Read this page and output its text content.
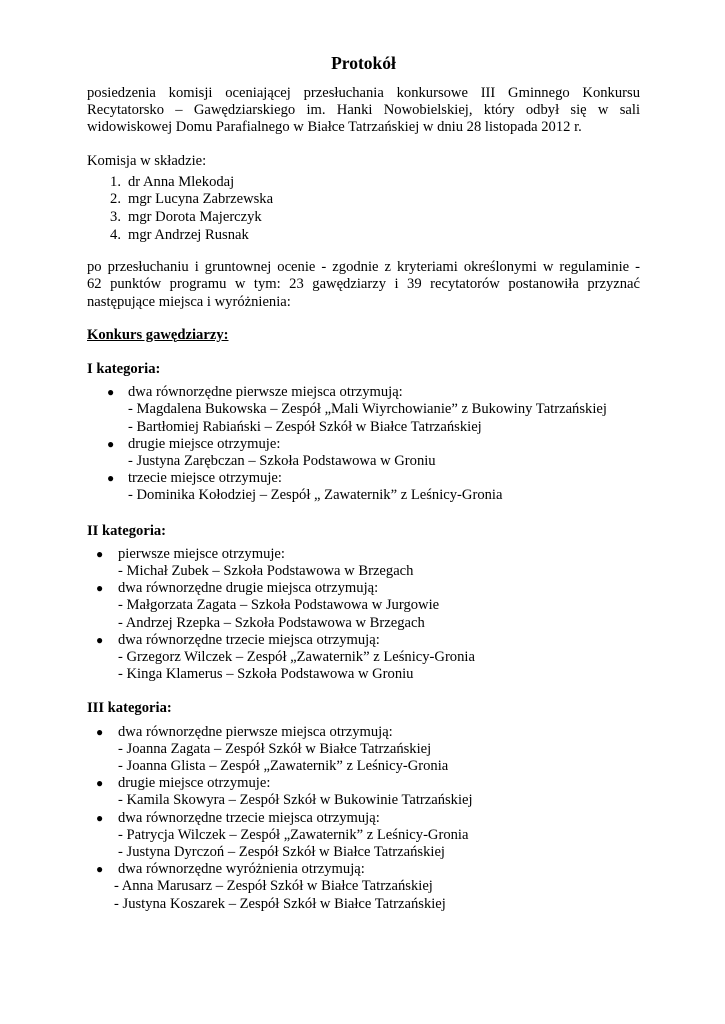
Protokół

posiedzenia komisji oceniającej przesłuchania konkursowe III Gminnego Konkursu
Recytatorsko – Gawędziarskiego im. Hanki Nowobielskiej, który odbył się w sali
widowiskowej Domu Parafialnego w Białce Tatrzańskiej w dniu 28 listopada 2012 r.

Komisja w składzie:

1. dr Anna Mlekodaj
2. mgr Lucyna Zabrzewska
3. mgr Dorota Majerczyk
4. mgr Andrzej Rusnak

po przesłuchaniu i gruntownej ocenie - zgodnie z kryteriami określonymi w regulaminie -
62 punktów programu w tym: 23 gawędziarzy i 39 recytatorów postanowiła przyznać
następujące miejsca i wyróżnienia:

Konkurs gawędziarzy:

I kategoria:

● dwa równorzędne pierwsze miejsca otrzymują:
- Magdalena Bukowska – Zespół „Mali Wiyrchowianie” z Bukowiny Tatrzańskiej
- Bartłomiej Rabiański – Zespół Szkół w Białce Tatrzańskiej
● drugie miejsce otrzymuje:
- Justyna Zarębczan – Szkoła Podstawowa w Groniu
● trzecie miejsce otrzymuje:
- Dominika Kołodziej – Zespół „ Zawaternik” z Leśnicy-Gronia

II kategoria:

● pierwsze miejsce otrzymuje:
- Michał Zubek – Szkoła Podstawowa w Brzegach
● dwa równorzędne drugie miejsca otrzymują:
- Małgorzata Zagata – Szkoła Podstawowa w Jurgowie
- Andrzej Rzepka – Szkoła Podstawowa w Brzegach
● dwa równorzędne trzecie miejsca otrzymują:
- Grzegorz Wilczek – Zespół „Zawaternik” z Leśnicy-Gronia
- Kinga Klamerus – Szkoła Podstawowa w Groniu

III kategoria:

● dwa równorzędne pierwsze miejsca otrzymują:
- Joanna Zagata – Zespół Szkół w Białce Tatrzańskiej
- Joanna Glista – Zespół „Zawaternik” z Leśnicy-Gronia
● drugie miejsce otrzymuje:
- Kamila Skowyra – Zespół Szkół w Bukowinie Tatrzańskiej
● dwa równorzędne trzecie miejsca otrzymują:
- Patrycja Wilczek – Zespół „Zawaternik” z Leśnicy-Gronia
- Justyna Dyrczoń – Zespół Szkół w Białce Tatrzańskiej
● dwa równorzędne wyróżnienia otrzymują:
- Anna Marusarz – Zespół Szkół w Białce Tatrzańskiej
- Justyna Koszarek – Zespół Szkół w Białce Tatrzańskiej
